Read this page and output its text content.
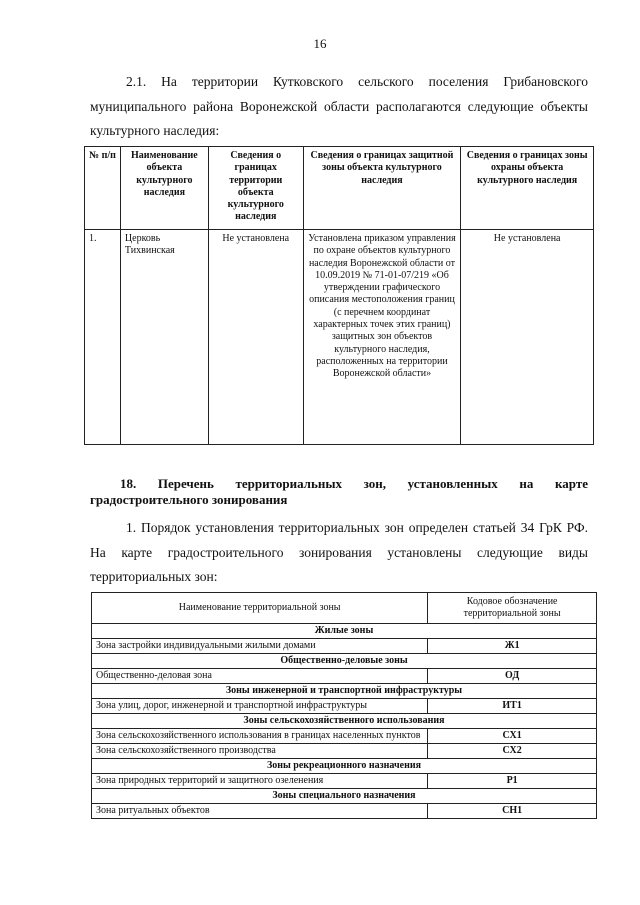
16

2.1. На территории Кутковского сельского поселения Грибановского муниципального района Воронежской области располагаются следующие объекты культурного наследия:

№ п/п	Наименование объекта культурного наследия	Сведения о границах территории объекта культурного наследия	Сведения о границах защитной зоны объекта культурного наследия	Сведения о границах зоны охраны объекта культурного наследия
1.	Церковь Тихвинская	Не установлена	Установлена приказом управления по охране объектов культурного наследия Воронежской области от 10.09.2019 № 71-01-07/219 «Об утверждении графического описания местоположения границ (с перечнем координат характерных точек этих границ) защитных зон объектов культурного наследия, расположенных на территории Воронежской области»	Не установлена

18. Перечень территориальных зон, установленных на карте градостроительного зонирования

1. Порядок установления территориальных зон определен статьей 34 ГрК РФ. На карте градостроительного зонирования установлены следующие виды территориальных зон:

Наименование территориальной зоны	Кодовое обозначение территориальной зоны
Жилые зоны	
Зона застройки индивидуальными жилыми домами	Ж1
Общественно-деловые зоны	
Общественно-деловая зона	ОД
Зоны инженерной и транспортной инфраструктуры	
Зона улиц, дорог, инженерной и транспортной инфраструктуры	ИТ1
Зоны сельскохозяйственного использования	
Зона сельскохозяйственного использования в границах населенных пунктов	СХ1
Зона сельскохозяйственного производства	СХ2
Зоны рекреационного назначения	
Зона природных территорий и защитного озеленения	Р1
Зоны специального назначения	
Зона ритуальных объектов	СН1
